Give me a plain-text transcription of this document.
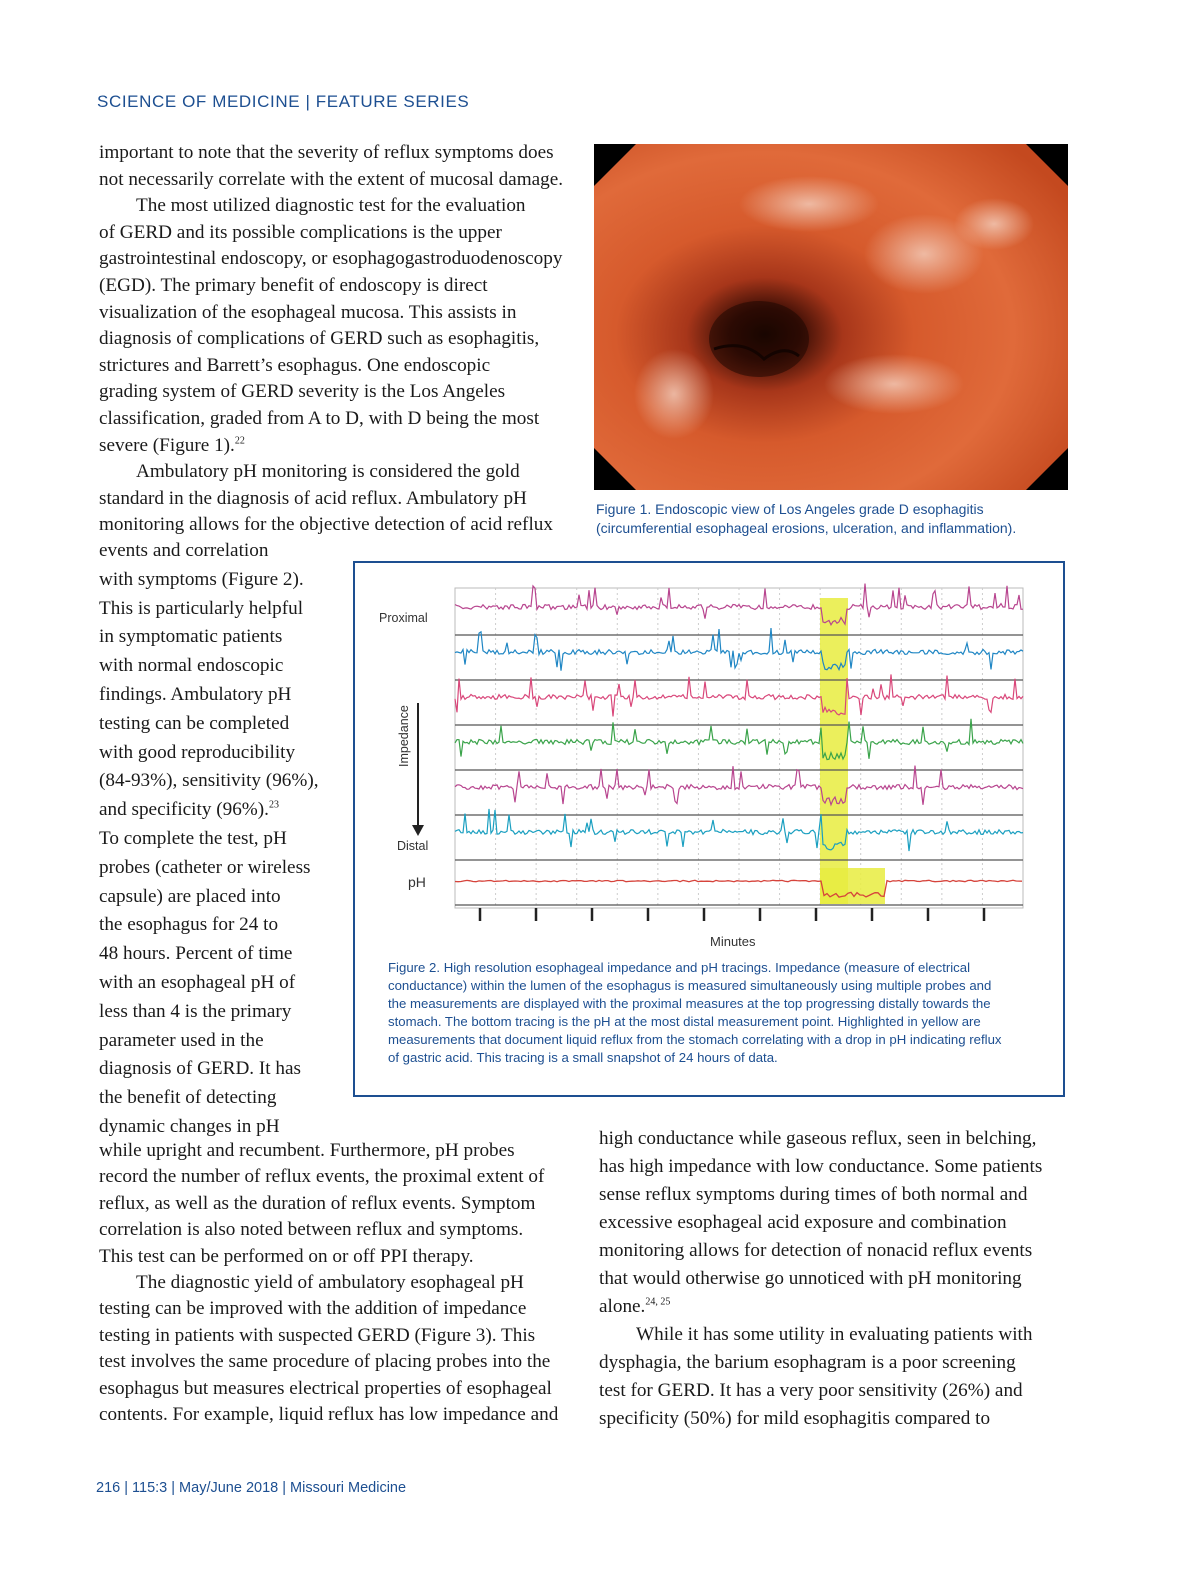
SCIENCE OF MEDICINE | FEATURE SERIES
important to note that the severity of reflux symptoms does
not necessarily correlate with the extent of mucosal damage.
The most utilized diagnostic test for the evaluation
of GERD and its possible complications is the upper
gastrointestinal endoscopy, or esophagogastroduodenoscopy
(EGD). The primary benefit of endoscopy is direct
visualization of the esophageal mucosa. This assists in
diagnosis of complications of GERD such as esophagitis,
strictures and Barrett’s esophagus. One endoscopic
grading system of GERD severity is the Los Angeles
classification, graded from A to D, with D being the most
severe (Figure 1).$^{22}$
Ambulatory pH monitoring is considered the gold
standard in the diagnosis of acid reflux. Ambulatory pH
monitoring allows for the objective detection of acid reflux
events and correlation
with symptoms (Figure 2).
This is particularly helpful
in symptomatic patients
with normal endoscopic
findings. Ambulatory pH
testing can be completed
with good reproducibility
(84-93%), sensitivity (96%),
and specificity (96%).$^{23}$
To complete the test, pH
probes (catheter or wireless
capsule) are placed into
the esophagus for 24 to
48 hours. Percent of time
with an esophageal pH of
less than 4 is the primary
parameter used in the
diagnosis of GERD. It has
the benefit of detecting
dynamic changes in pH
while upright and recumbent. Furthermore, pH probes
record the number of reflux events, the proximal extent of
reflux, as well as the duration of reflux events. Symptom
correlation is also noted between reflux and symptoms.
This test can be performed on or off PPI therapy.
The diagnostic yield of ambulatory esophageal pH
testing can be improved with the addition of impedance
testing in patients with suspected GERD (Figure 3). This
test involves the same procedure of placing probes into the
esophagus but measures electrical properties of esophageal
contents. For example, liquid reflux has low impedance and
high conductance while gaseous reflux, seen in belching,
has high impedance with low conductance. Some patients
sense reflux symptoms during times of both normal and
excessive esophageal acid exposure and combination
monitoring allows for detection of nonacid reflux events
that would otherwise go unnoticed with pH monitoring
alone.$^{24, 25}$
While it has some utility in evaluating patients with
dysphagia, the barium esophagram is a poor screening
test for GERD. It has a very poor sensitivity (26%) and
specificity (50%) for mild esophagitis compared to
Figure 1. Endoscopic view of Los Angeles grade D esophagitis
(circumferential esophageal erosions, ulceration, and inflammation).
Proximal
Impedance
Distal
pH
Minutes
Figure 2. High resolution esophageal impedance and pH tracings. Impedance (measure of electrical
conductance) within the lumen of the esophagus is measured simultaneously using multiple probes and
the measurements are displayed with the proximal measures at the top progressing distally towards the
stomach. The bottom tracing is the pH at the most distal measurement point. Highlighted in yellow are
measurements that document liquid reflux from the stomach correlating with a drop in pH indicating reflux
of gastric acid. This tracing is a small snapshot of 24 hours of data.
216 | 115:3 | May/June 2018 | Missouri Medicine
